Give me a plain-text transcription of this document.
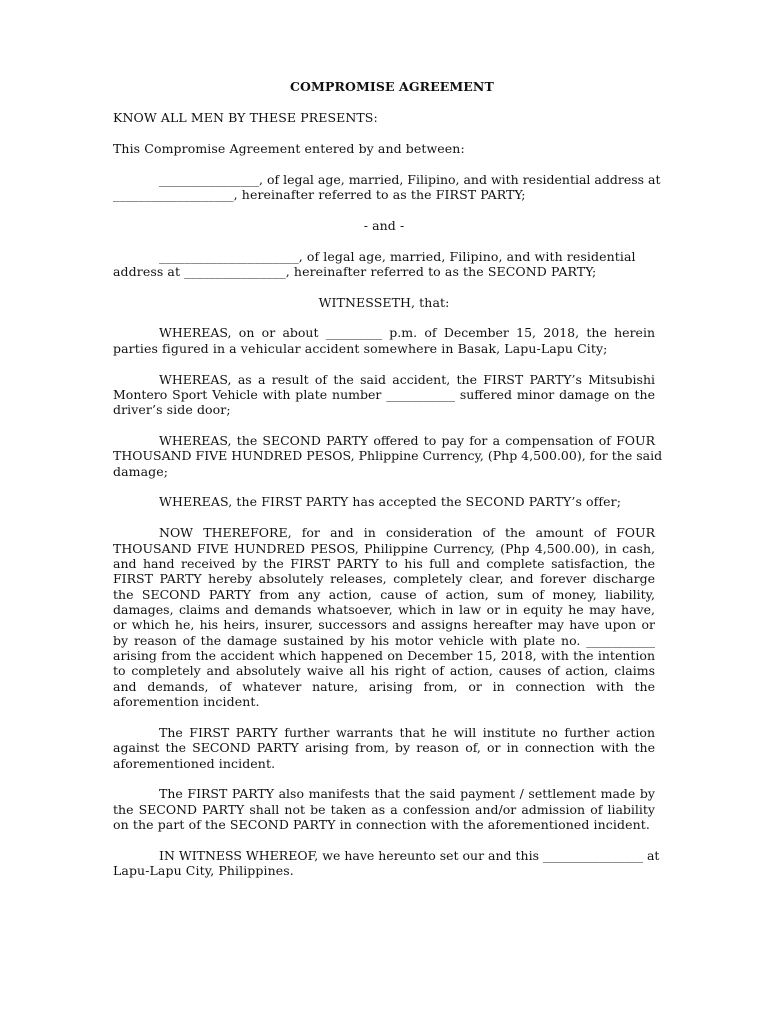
COMPROMISE AGREEMENT
KNOW ALL MEN BY THESE PRESENTS:
This Compromise Agreement entered by and between:
________________, of legal age, married, Filipino, and with residential address at
___________________, hereinafter referred to as the FIRST PARTY;
- and -
______________________, of legal age, married, Filipino, and with residential
address at ________________, hereinafter referred to as the SECOND PARTY;
WITNESSETH, that:
WHEREAS, on or about _________ p.m. of December 15, 2018, the herein
parties figured in a vehicular accident somewhere in Basak, Lapu-Lapu City;
WHEREAS, as a result of the said accident, the FIRST PARTY’s Mitsubishi
Montero Sport Vehicle with plate number ___________ suffered minor damage on the
driver’s side door;
WHEREAS, the SECOND PARTY offered to pay for a compensation of FOUR
THOUSAND FIVE HUNDRED PESOS, Phlippine Currency, (Php 4,500.00), for the said
damage;
WHEREAS, the FIRST PARTY has accepted the SECOND PARTY’s offer;
NOW THEREFORE, for and in consideration of the amount of FOUR
THOUSAND FIVE HUNDRED PESOS, Philippine Currency, (Php 4,500.00), in cash,
and hand received by the FIRST PARTY to his full and complete satisfaction, the
FIRST PARTY hereby absolutely releases, completely clear, and forever discharge
the SECOND PARTY from any action, cause of action, sum of money, liability,
damages, claims and demands whatsoever, which in law or in equity he may have,
or which he, his heirs, insurer, successors and assigns hereafter may have upon or
by reason of the damage sustained by his motor vehicle with plate no. ___________
arising from the accident which happened on December 15, 2018, with the intention
to completely and absolutely waive all his right of action, causes of action, claims
and demands, of whatever nature, arising from, or in connection with the
aforemention incident.
The FIRST PARTY further warrants that he will institute no further action
against the SECOND PARTY arising from, by reason of, or in connection with the
aforementioned incident.
The FIRST PARTY also manifests that the said payment / settlement made by
the SECOND PARTY shall not be taken as a confession and/or admission of liability
on the part of the SECOND PARTY in connection with the aforementioned incident.
IN WITNESS WHEREOF, we have hereunto set our and this ________________ at
Lapu-Lapu City, Philippines.
